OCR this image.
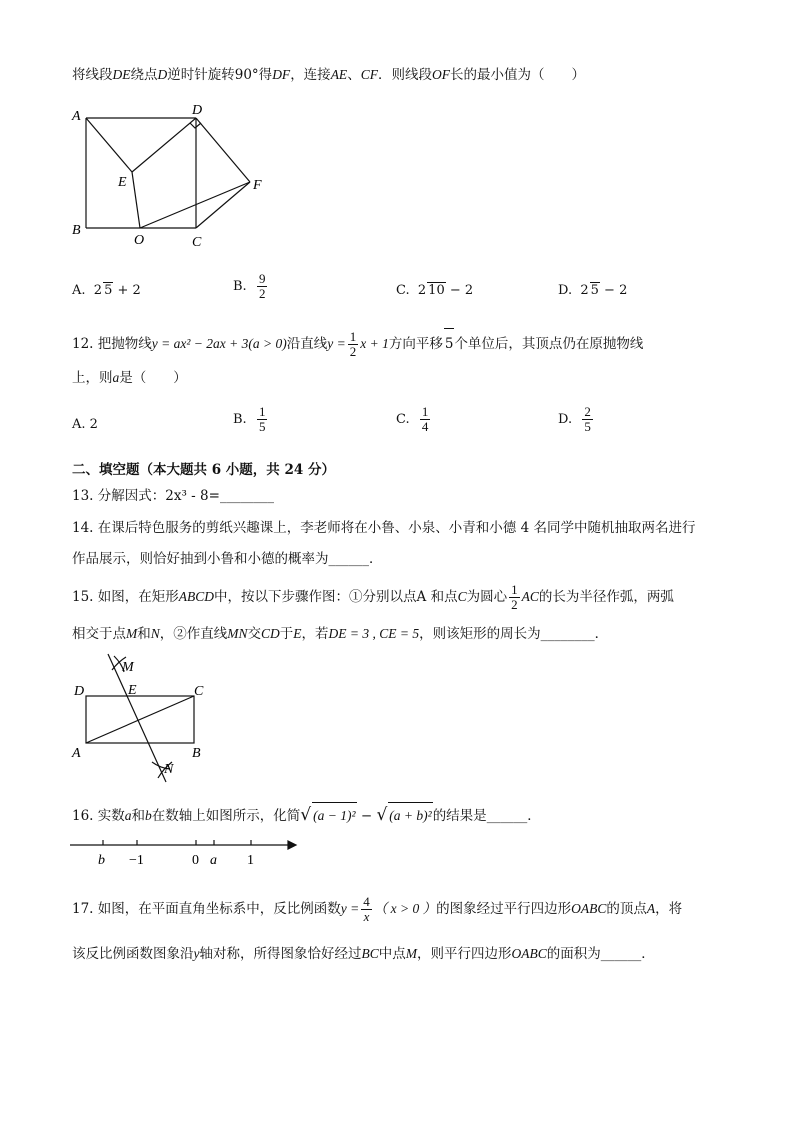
将线段DE绕点D逆时针旋转90°得DF，连接AE、CF．则线段OF长的最小值为（　　）
A
B
C
D
E	F
O
A. 2 5 + 2	B. $\frac{9}{2}$	C. 2 10 − 2	D. 2 5 − 2
12. 把抛物线y = ax² − 2ax + 3(a > 0)沿直线$y = \frac{1}{2}$ x + 1方向平移 5个单位后，其顶点仍在原抛物线
上，则a是（　　）
A. 2	B. $\frac{1}{5}$	C. $\frac{1}{4}$	D. $\frac{2}{5}$
二、填空题（本大题共 6 小题，共 24 分）
13. 分解因式：2x³ - 8=________
14. 在课后特色服务的剪纸兴趣课上，李老师将在小鲁、小泉、小青和小德 4 名同学中随机抽取两名进行
作品展示，则恰好抽到小鲁和小德的概率为______．
15. 如图，在矩形ABCD中，按以下步骤作图：①分别以点A 和点C为圆心 $\frac{1}{2}$ AC的长为半径作弧，两弧
相交于点M和N，②作直线MN交CD于E，若DE = 3 , CE = 5，则该矩形的周长为________．
M
D	E	C
A	B
N
16. 实数a和b在数轴上如图所示，化简√ (a − 1)² − √ (a + b)²的结果是______．
b −1	0 a 1
17. 如图，在平面直角坐标系中，反比例函数$y = \frac{4}{x}$ （ x > 0 ）的图象经过平行四边形OABC的顶点A，将
该反比例函数图象沿y轴对称，所得图象恰好经过BC中点M，则平行四边形OABC的面积为______．
